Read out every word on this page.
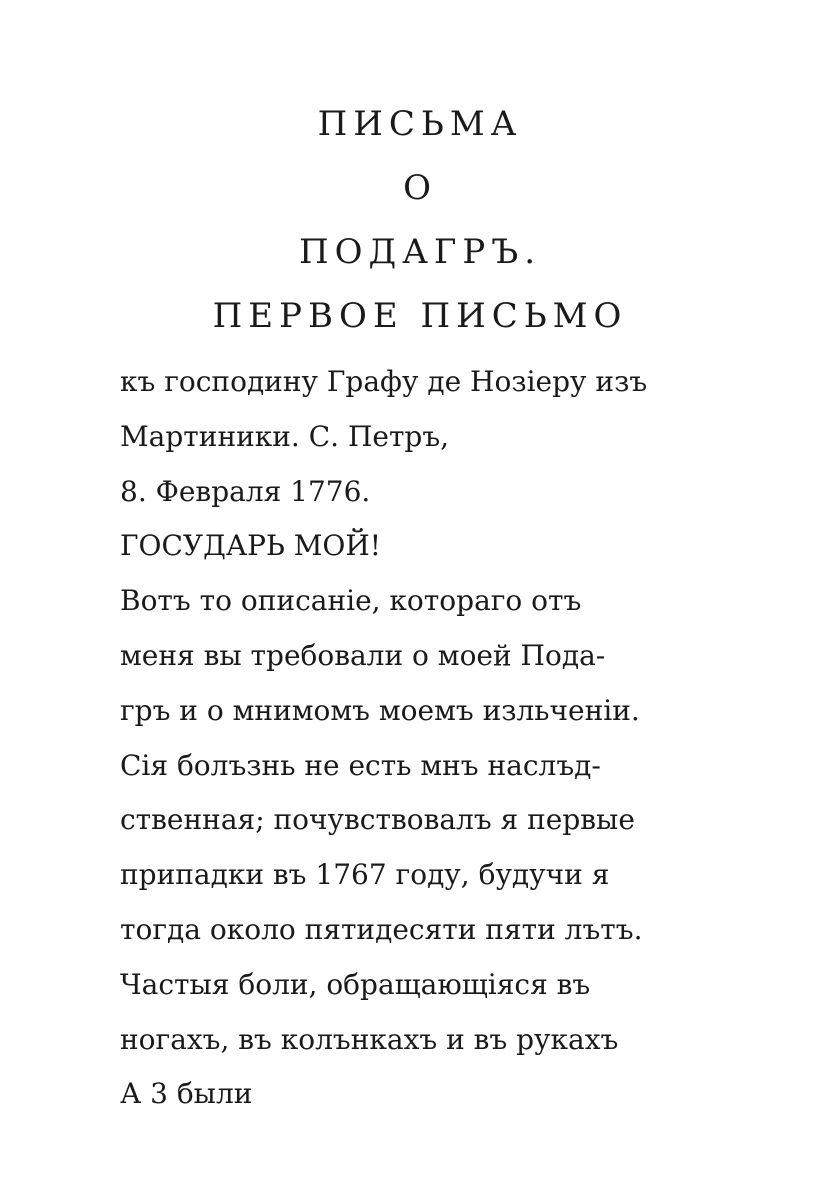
ПИСЬМА
О
ПОДАГРЪ.
ПЕРВОЕ ПИСЬМО
къ господину Графу де Нозіеру изъ
Мартиники. С. Петръ,
8. Февраля 1776.
ГОСУДАРЬ МОЙ!
Вотъ то описаніе, котораго отъ
меня вы требовали о моей Пода-
гръ и о мнимомъ моемъ изльченіи.
Сія болъзнь не есть мнъ наслъд-
ственная; почувствовалъ я первые
припадки въ 1767 году, будучи я
тогда около пятидесяти пяти лътъ.
Частыя боли, обращающіяся въ
ногахъ, въ колънкахъ и въ рукахъ
А 3 были
